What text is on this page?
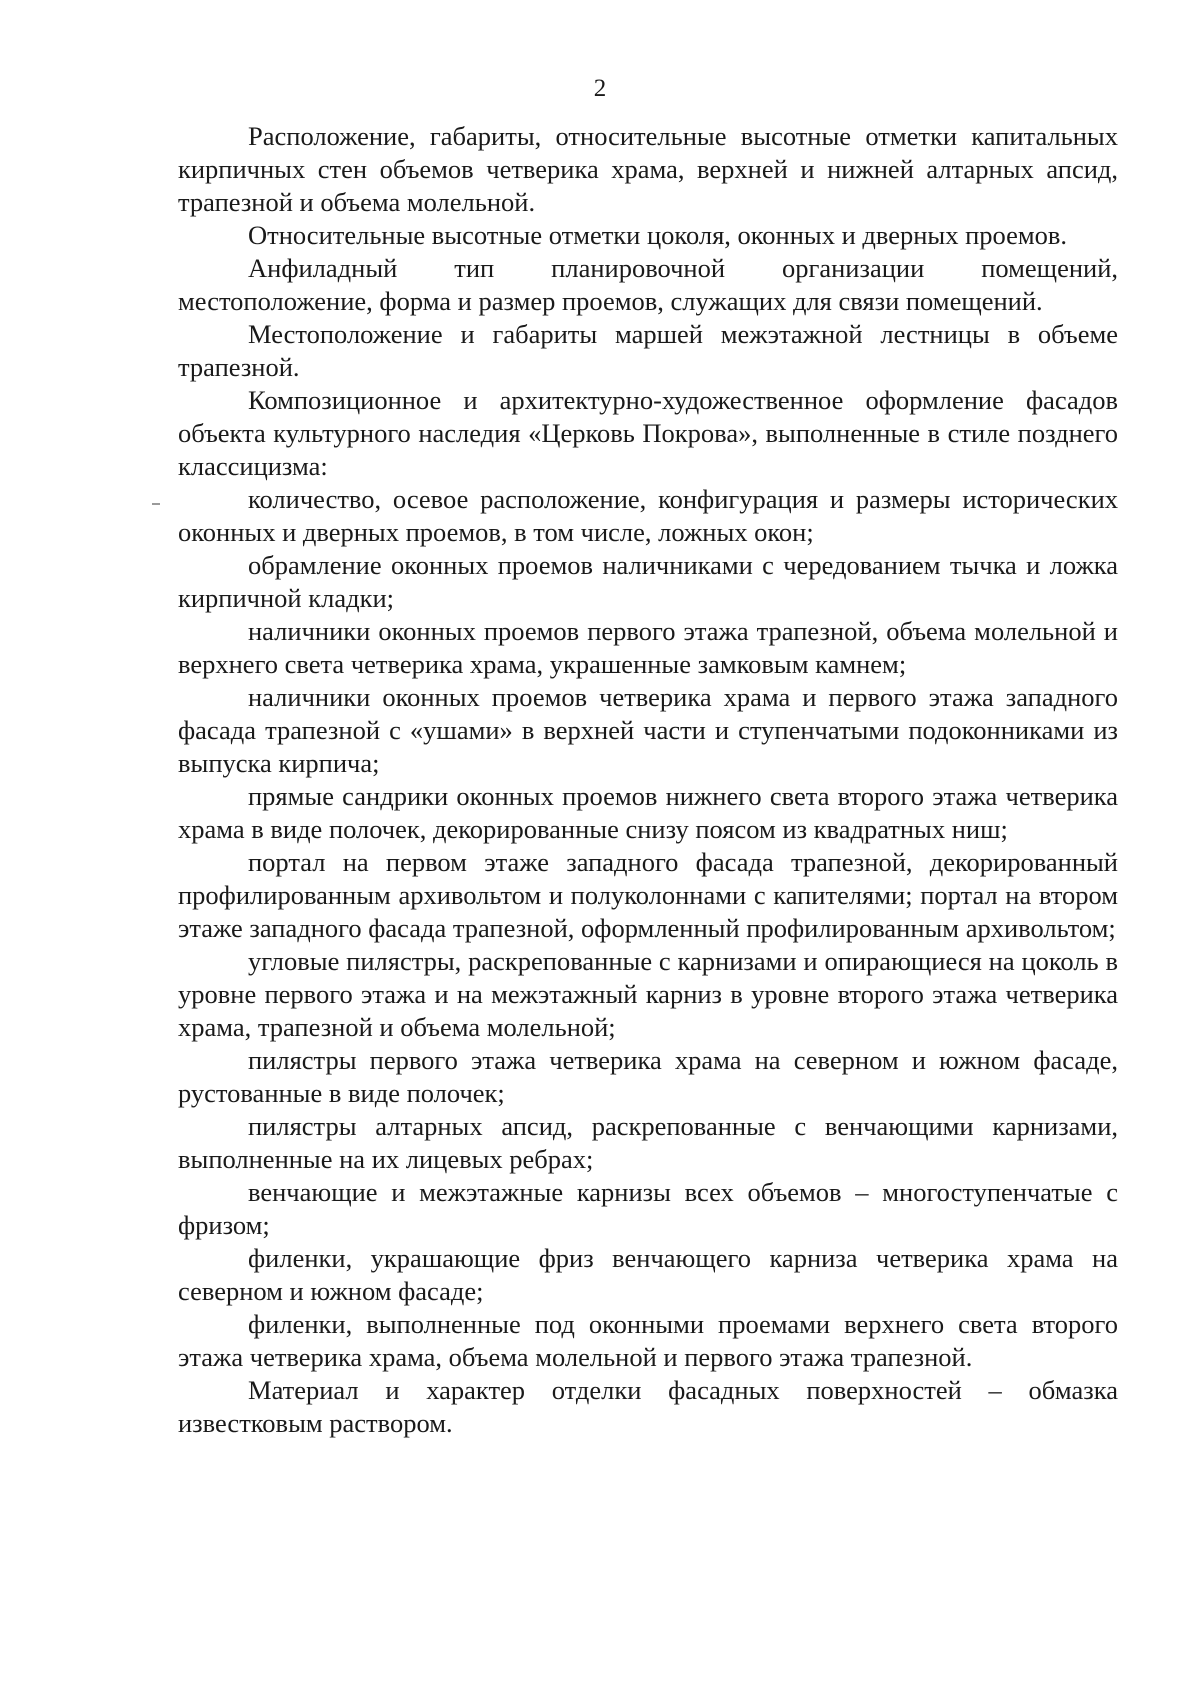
2

Расположение, габариты, относительные высотные отметки капитальных кирпичных стен объемов четверика храма, верхней и нижней алтарных апсид, трапезной и объема молельной.

Относительные высотные отметки цоколя, оконных и дверных проемов.

Анфиладный тип планировочной организации помещений, местоположение, форма и размер проемов, служащих для связи помещений.

Местоположение и габариты маршей межэтажной лестницы в объеме трапезной.

Композиционное и архитектурно-художественное оформление фасадов объекта культурного наследия «Церковь Покрова», выполненные в стиле позднего классицизма:

количество, осевое расположение, конфигурация и размеры исторических оконных и дверных проемов, в том числе, ложных окон;

обрамление оконных проемов наличниками с чередованием тычка и ложка кирпичной кладки;

наличники оконных проемов первого этажа трапезной, объема молельной и верхнего света четверика храма, украшенные замковым камнем;

наличники оконных проемов четверика храма и первого этажа западного фасада трапезной с «ушами» в верхней части и ступенчатыми подоконниками из выпуска кирпича;

прямые сандрики оконных проемов нижнего света второго этажа четверика храма в виде полочек, декорированные снизу поясом из квадратных ниш;

портал на первом этаже западного фасада трапезной, декорированный профилированным архивольтом и полуколоннами с капителями; портал на втором этаже западного фасада трапезной, оформленный профилированным архивольтом;

угловые пилястры, раскрепованные с карнизами и опирающиеся на цоколь в уровне первого этажа и на межэтажный карниз в уровне второго этажа четверика храма, трапезной и объема молельной;

пилястры первого этажа четверика храма на северном и южном фасаде, рустованные в виде полочек;

пилястры алтарных апсид, раскрепованные с венчающими карнизами, выполненные на их лицевых ребрах;

венчающие и межэтажные карнизы всех объемов – многоступенчатые с фризом;

филенки, украшающие фриз венчающего карниза четверика храма на северном и южном фасаде;

филенки, выполненные под оконными проемами верхнего света второго этажа четверика храма, объема молельной и первого этажа трапезной.

Материал и характер отделки фасадных поверхностей – обмазка известковым раствором.
